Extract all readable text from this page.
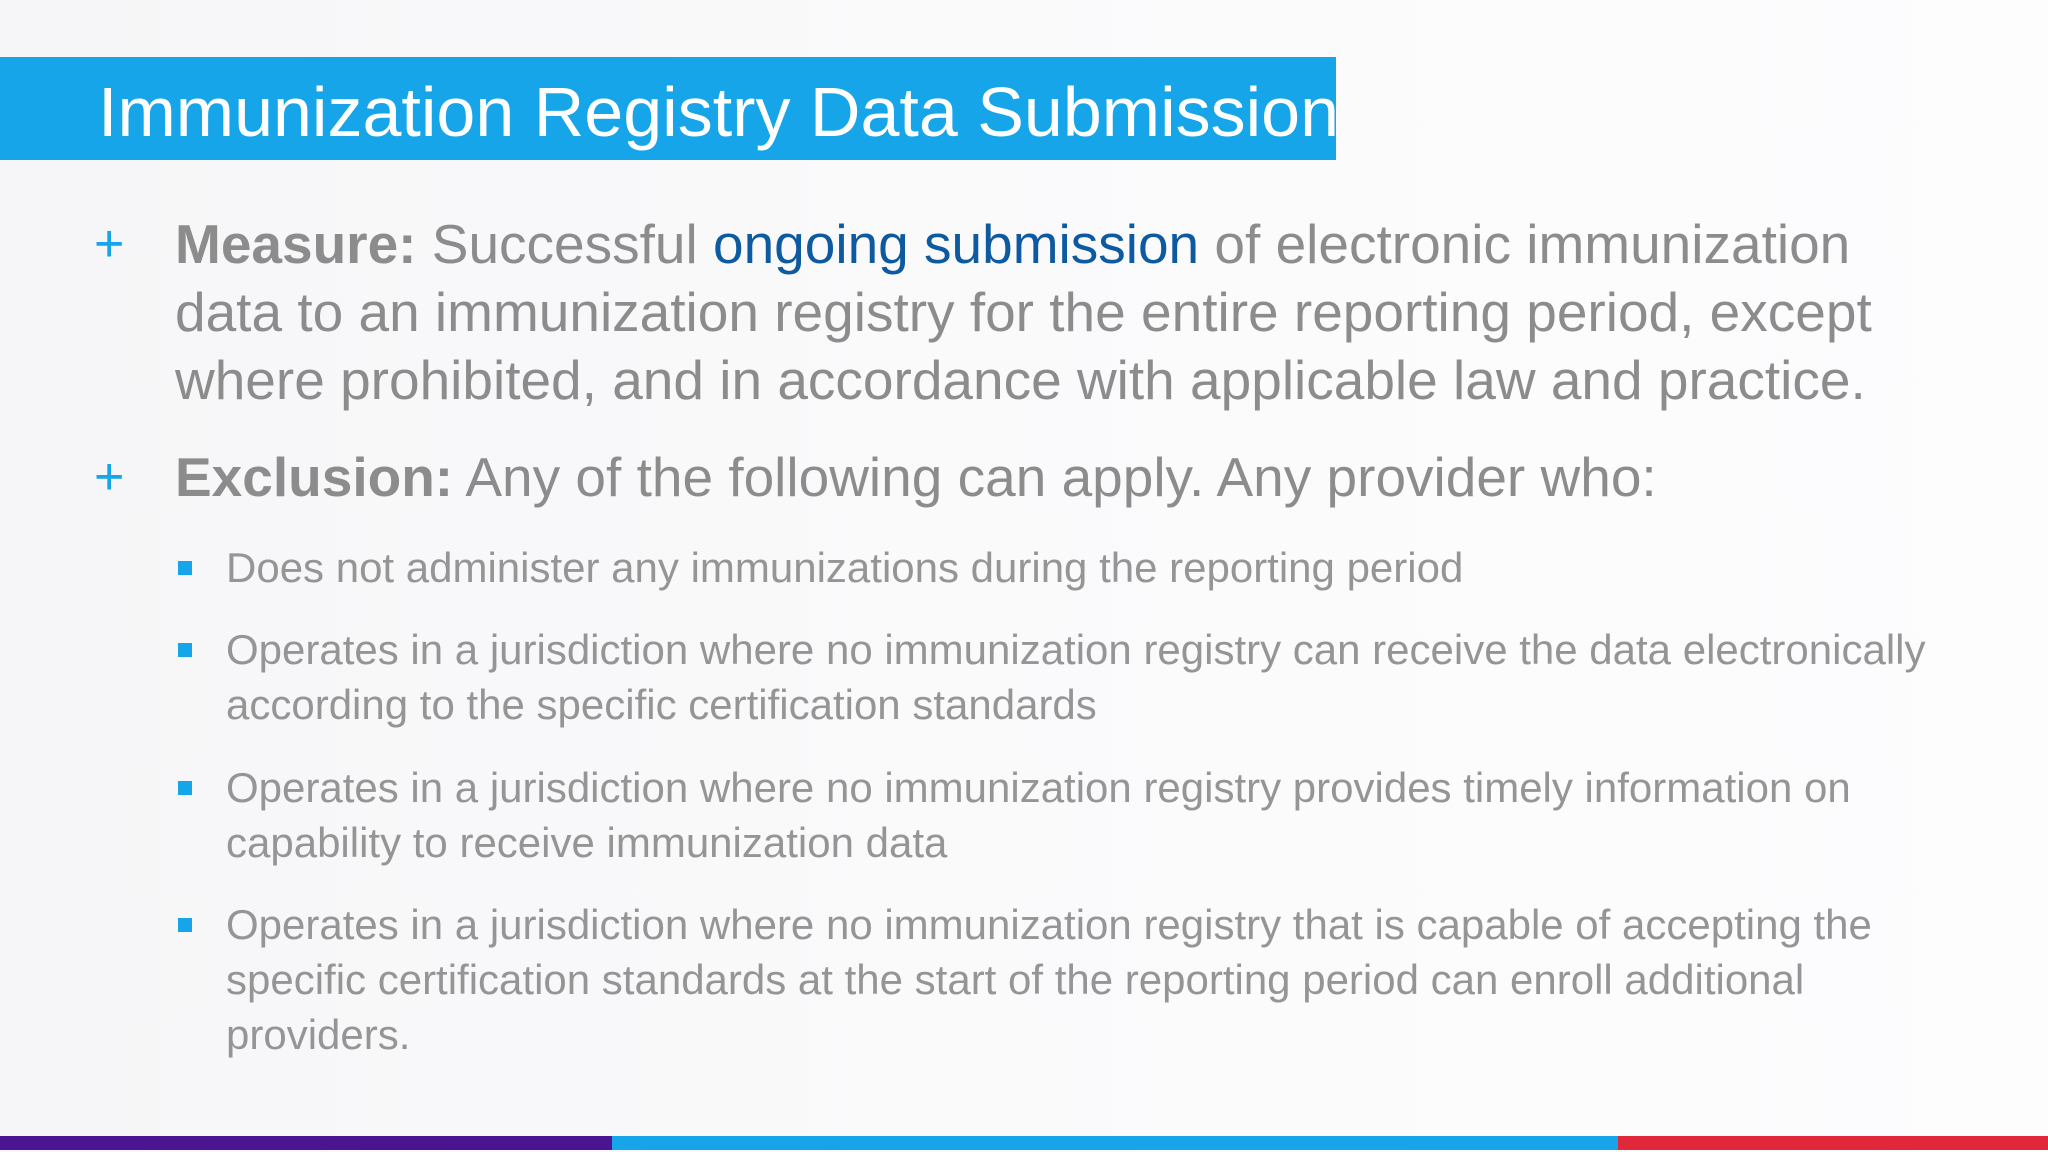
Immunization Registry Data Submission
+ Measure: Successful ongoing submission of electronic immunization data to an immunization registry for the entire reporting period, except where prohibited, and in accordance with applicable law and practice.
+ Exclusion: Any of the following can apply. Any provider who:
Does not administer any immunizations during the reporting period
Operates in a jurisdiction where no immunization registry can receive the data electronically according to the specific certification standards
Operates in a jurisdiction where no immunization registry provides timely information on capability to receive immunization data
Operates in a jurisdiction where no immunization registry that is capable of accepting the specific certification standards at the start of the reporting period can enroll additional providers.
